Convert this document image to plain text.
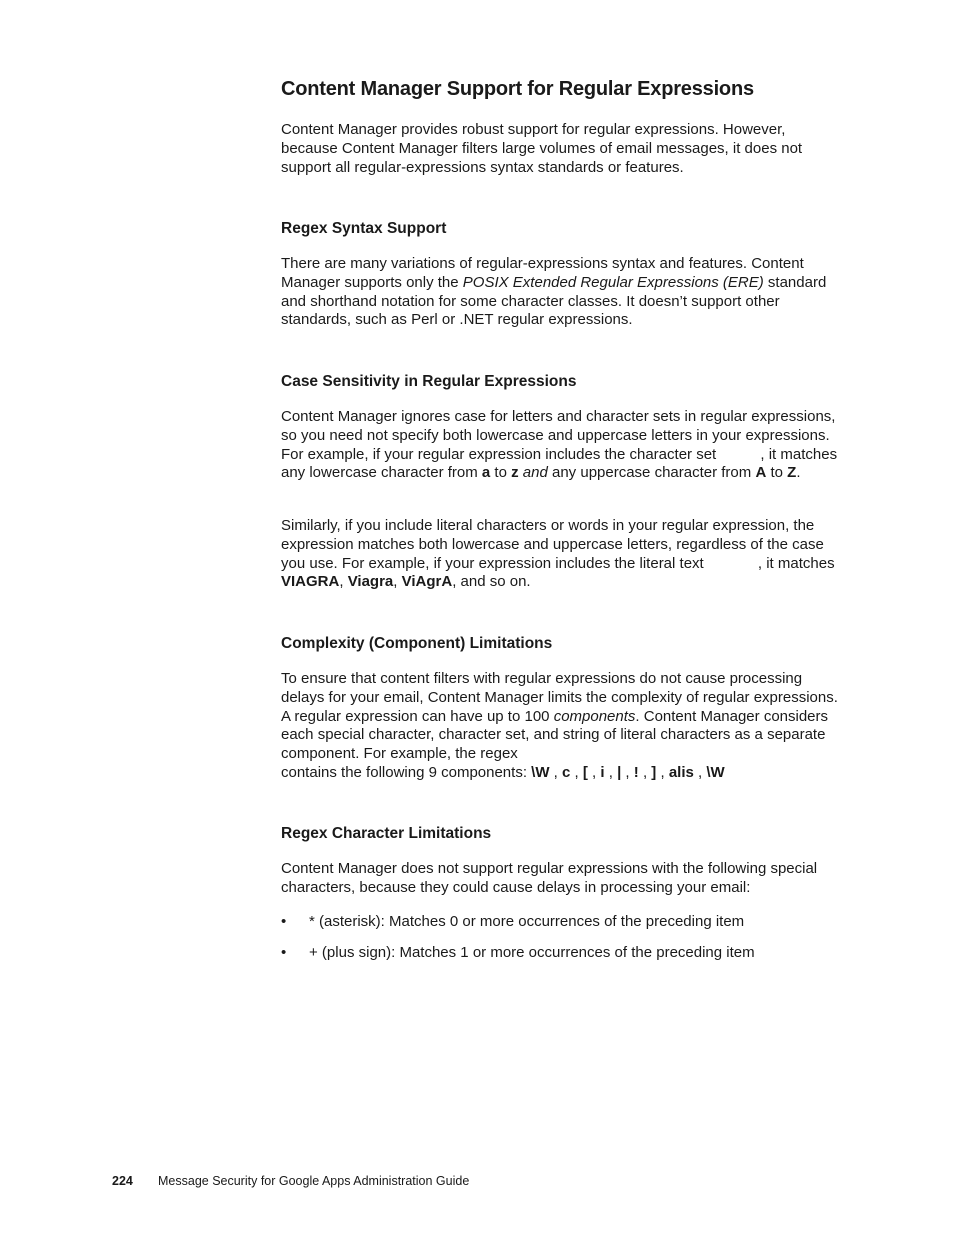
Content Manager Support for Regular Expressions

Content Manager provides robust support for regular expressions. However, because Content Manager filters large volumes of email messages, it does not support all regular-expressions syntax standards or features.

Regex Syntax Support

There are many variations of regular-expressions syntax and features. Content Manager supports only the POSIX Extended Regular Expressions (ERE) standard and shorthand notation for some character classes. It doesn’t support other standards, such as Perl or .NET regular expressions.

Case Sensitivity in Regular Expressions

Content Manager ignores case for letters and character sets in regular expressions, so you need not specify both lowercase and uppercase letters in your expressions. For example, if your regular expression includes the character set	, it matches any lowercase character from a to z and any uppercase character from A to Z.

Similarly, if you include literal characters or words in your regular expression, the expression matches both lowercase and uppercase letters, regardless of the case you use. For example, if your expression includes the literal text	, it matches VIAGRA, Viagra, ViAgrA, and so on.

Complexity (Component) Limitations

To ensure that content filters with regular expressions do not cause processing delays for your email, Content Manager limits the complexity of regular expressions. A regular expression can have up to 100 components. Content Manager considers each special character, character set, and string of literal characters as a separate component. For example, the regex
contains the following 9 components: \W , c , [ , i , | , ! , ] , alis , \W

Regex Character Limitations

Content Manager does not support regular expressions with the following special characters, because they could cause delays in processing your email:

• * (asterisk): Matches 0 or more occurrences of the preceding item
• + (plus sign): Matches 1 or more occurrences of the preceding item
224 Message Security for Google Apps Administration Guide
